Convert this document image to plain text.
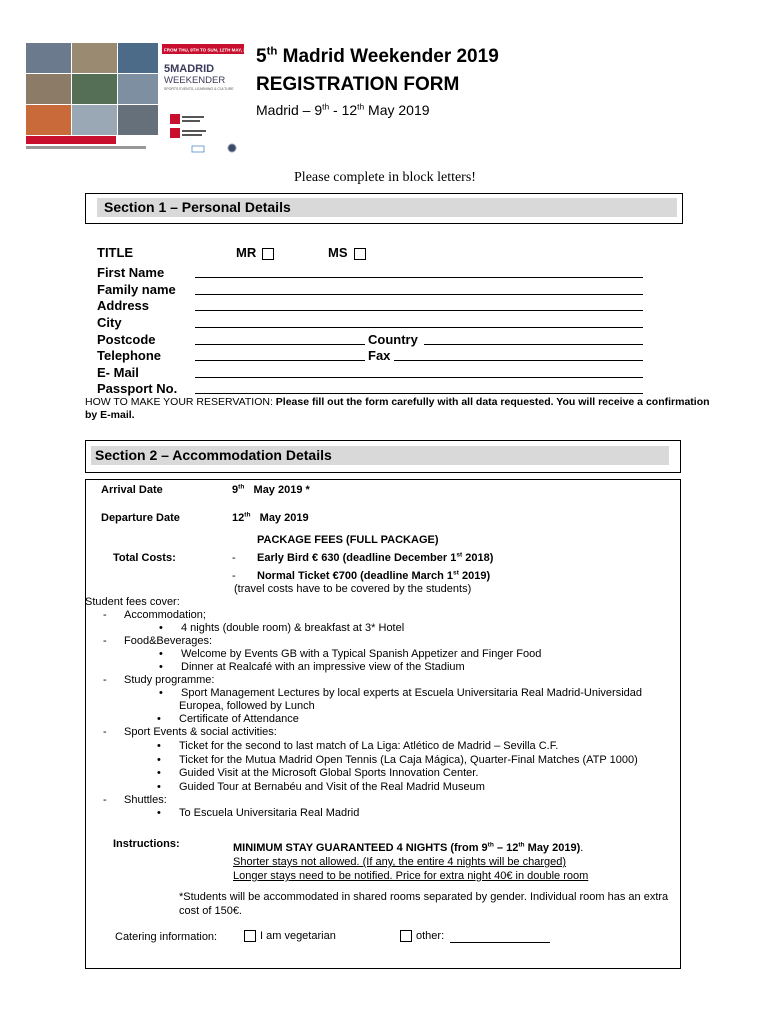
FROM THU, 9TH TO SUN, 12TH MAY, 2019
5MADRID
WEEKENDER
SPORTS EVENTS, LEARNING & CULTURE
5th Madrid Weekender 2019
REGISTRATION FORM
Madrid – 9th - 12th May 2019
Please complete in block letters!
Section 1 – Personal Details
TITLE	MR	MS
First Name
Family name
Address
City
Postcode	Country
Telephone	Fax
E- Mail
Passport No.
HOW TO MAKE YOUR RESERVATION: Please fill out the form carefully with all data requested. You will receive a confirmation by E-mail.
Section 2 – Accommodation Details
Arrival Date	9th May 2019 *
Departure Date	12th May 2019
PACKAGE FEES (FULL PACKAGE)
Total Costs:	- Early Bird € 630 (deadline December 1st 2018)
- Normal Ticket €700 (deadline March 1st 2019)
(travel costs have to be covered by the students)
Student fees cover:
- Accommodation;
• 4 nights (double room) & breakfast at 3* Hotel
- Food&Beverages:
• Welcome by Events GB with a Typical Spanish Appetizer and Finger Food
• Dinner at Realcafé with an impressive view of the Stadium
- Study programme:
• Sport Management Lectures by local experts at Escuela Universitaria Real Madrid-Universidad
Europea, followed by Lunch
• Certificate of Attendance
- Sport Events & social activities:
• Ticket for the second to last match of La Liga: Atlético de Madrid – Sevilla C.F.
• Ticket for the Mutua Madrid Open Tennis (La Caja Mágica), Quarter-Final Matches (ATP 1000)
• Guided Visit at the Microsoft Global Sports Innovation Center.
• Guided Tour at Bernabéu and Visit of the Real Madrid Museum
- Shuttles:
• To Escuela Universitaria Real Madrid
Instructions:	MINIMUM STAY GUARANTEED 4 NIGHTS (from 9th – 12th May 2019).
Shorter stays not allowed. (If any, the entire 4 nights will be charged)
Longer stays need to be notified. Price for extra night 40€ in double room
*Students will be accommodated in shared rooms separated by gender. Individual room has an extra cost of 150€.
Catering information:	I am vegetarian	other:
